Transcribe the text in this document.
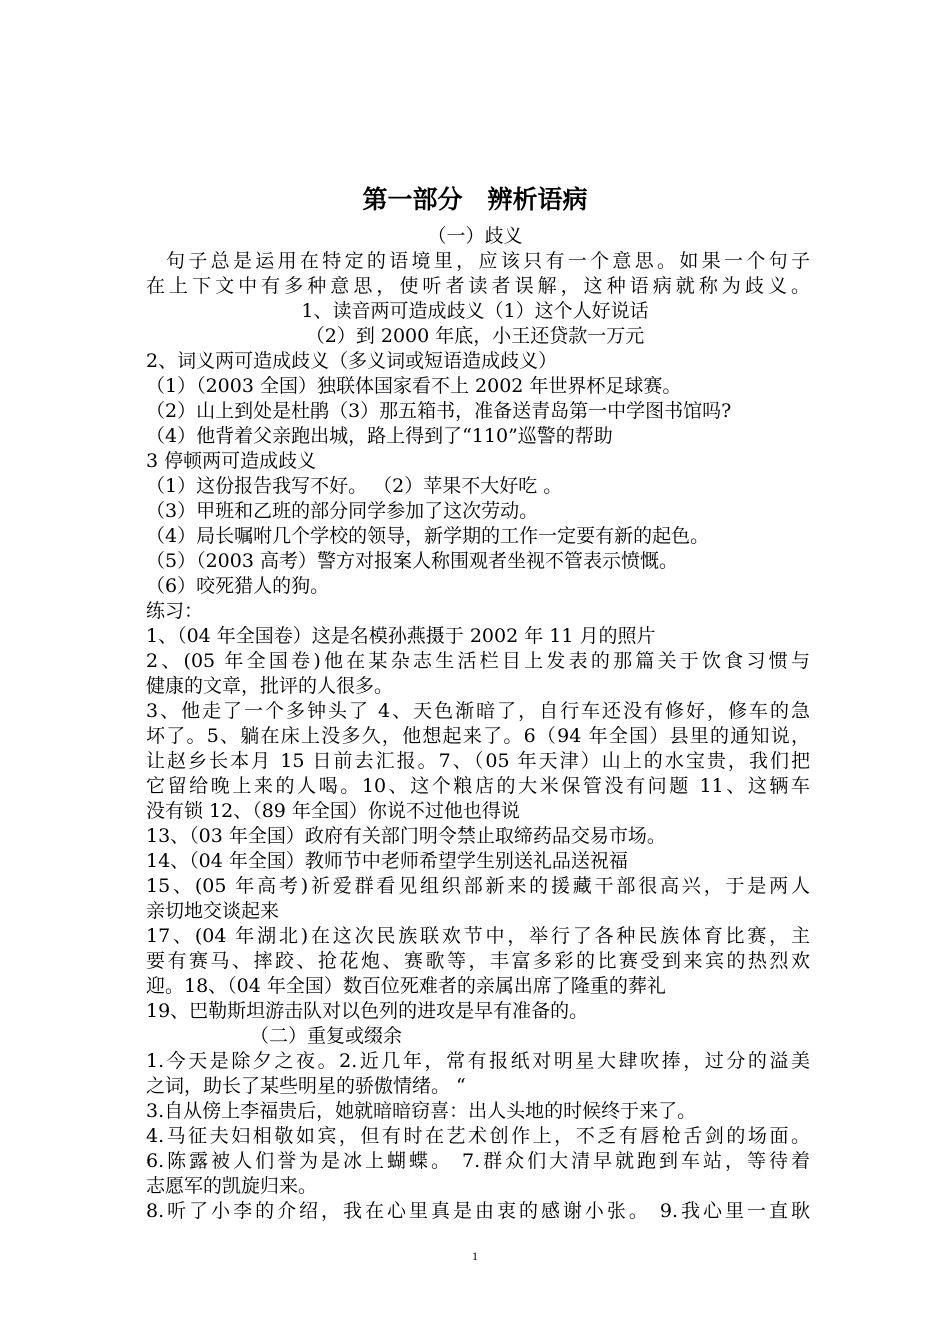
第一部分　辨析语病
（一）歧义
句子总是运用在特定的语境里，应该只有一个意思。如果一个句子
在上下文中有多种意思，使听者读者误解，这种语病就称为歧义。
1、读音两可造成歧义（1）这个人好说话
（2）到 2000 年底，小王还贷款一万元
2、词义两可造成歧义（多义词或短语造成歧义）
（1）（2003 全国）独联体国家看不上 2002 年世界杯足球赛。
（2）山上到处是杜鹃（3）那五箱书，准备送青岛第一中学图书馆吗?
（4）他背着父亲跑出城，路上得到了“110”巡警的帮助
3 停顿两可造成歧义
（1）这份报告我写不好。 （2）苹果不大好吃 。
（3）甲班和乙班的部分同学参加了这次劳动。
（4）局长嘱咐几个学校的领导，新学期的工作一定要有新的起色。
（5）（2003 高考）警方对报案人称围观者坐视不管表示愤慨。
（6）咬死猎人的狗。
练习：
1、（04 年全国卷）这是名模孙燕摄于 2002 年 11 月的照片
2、(05 年全国卷)他在某杂志生活栏目上发表的那篇关于饮食习惯与
健康的文章，批评的人很多。
3、他走了一个多钟头了 4、天色渐暗了，自行车还没有修好，修车的急
坏了。5、躺在床上没多久，他想起来了。6（94 年全国）县里的通知说，
让赵乡长本月 15 日前去汇报。7、（05 年天津）山上的水宝贵，我们把
它留给晚上来的人喝。10、这个粮店的大米保管没有问题 11、这辆车
没有锁 12、（89 年全国）你说不过他也得说
13、（03 年全国）政府有关部门明令禁止取缔药品交易市场。
14、（04 年全国）教师节中老师希望学生别送礼品送祝福
15、(05 年高考)祈爱群看见组织部新来的援藏干部很高兴，于是两人
亲切地交谈起来
17、(04 年湖北)在这次民族联欢节中，举行了各种民族体育比赛，主
要有赛马、摔跤、抢花炮、赛歌等，丰富多彩的比赛受到来宾的热烈欢
迎。18、（04 年全国）数百位死难者的亲属出席了隆重的葬礼
19、巴勒斯坦游击队对以色列的进攻是早有准备的。
（二）重复或缀余
1.今天是除夕之夜。2.近几年，常有报纸对明星大肆吹捧，过分的溢美
之词，助长了某些明星的骄傲情绪。 “
3.自从傍上李福贵后，她就暗暗窃喜：出人头地的时候终于来了。
4.马征夫妇相敬如宾，但有时在艺术创作上，不乏有唇枪舌剑的场面。
6.陈露被人们誉为是冰上蝴蝶。 7.群众们大清早就跑到车站，等待着
志愿军的凯旋归来。
8.听了小李的介绍，我在心里真是由衷的感谢小张。 9.我心里一直耿
1
